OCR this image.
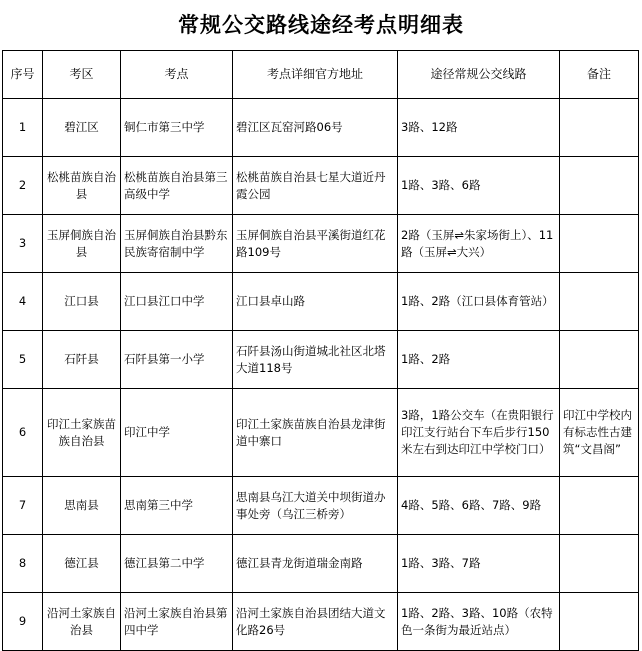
常规公交路线途经考点明细表
序号	考区	考点	考点详细官方地址	途径常规公交线路	备注
1	碧江区	铜仁市第三中学	碧江区瓦窑河路06号	3路、12路	
2	松桃苗族自治县	松桃苗族自治县第三高级中学	松桃苗族自治县七星大道近丹霞公园	1路、3路、6路	
3	玉屏侗族自治县	玉屏侗族自治县黔东民族寄宿制中学	玉屏侗族自治县平溪街道红花路109号	2路（玉屏⇌朱家场街上）、11路（玉屏⇌大兴）	
4	江口县	江口县江口中学	江口县卓山路	1路、2路（江口县体育管站）	
5	石阡县	石阡县第一小学	石阡县汤山街道城北社区北塔大道118号	1路、2路	
6	印江土家族苗族自治县	印江中学	印江土家族苗族自治县龙津街道中寨口	3路，1路公交车（在贵阳银行印江支行站台下车后步行150米左右到达印江中学校门口）	印江中学校内有标志性古建筑“文昌阁”
7	思南县	思南第三中学	思南县乌江大道关中坝街道办事处旁（乌江三桥旁）	4路、5路、6路、7路、9路	
8	德江县	德江县第二中学	德江县青龙街道瑞金南路	1路、3路、7路	
9	沿河土家族自治县	沿河土家族自治县第四中学	沿河土家族自治县团结大道文化路26号	1路、2路、3路、10路（农特色一条街为最近站点）	
